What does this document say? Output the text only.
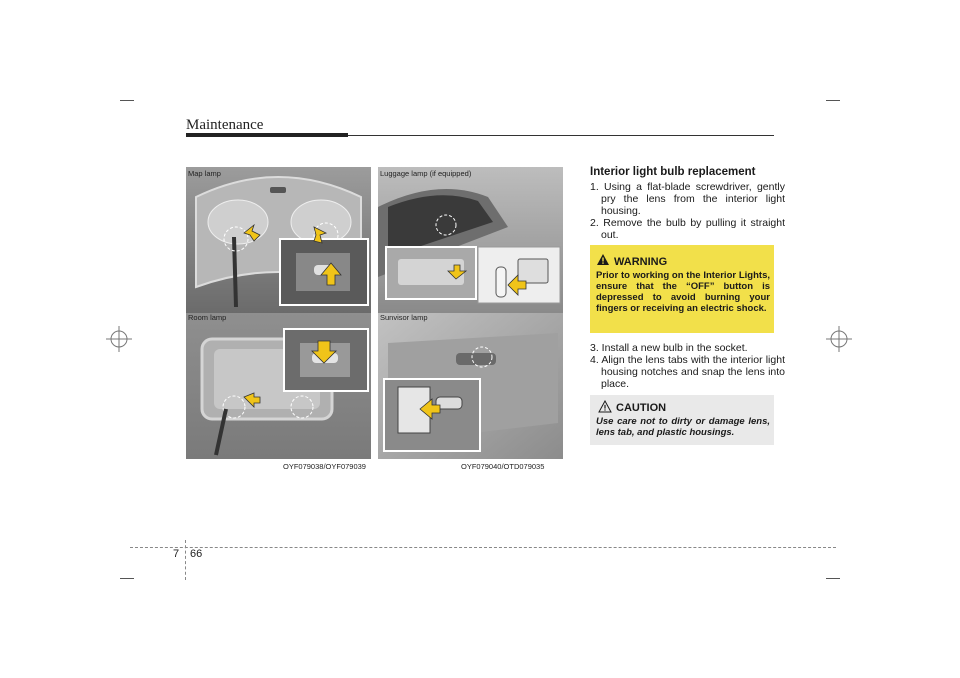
Maintenance
Map lamp
Room lamp
Luggage lamp (if equipped)
Sunvisor lamp
OYF079038/OYF079039	OYF079040/OTD079035
Interior light bulb replacement
1. Using a flat-blade screwdriver, gently pry the lens from the interior light housing.
2. Remove the bulb by pulling it straight out.
WARNING
Prior to working on the Interior Lights, ensure that the “OFF” button is depressed to avoid burning your fingers or receiving an electric shock.
3. Install a new bulb in the socket.
4. Align the lens tabs with the interior light housing notches and snap the lens into place.
CAUTION
Use care not to dirty or damage lens, lens tab, and plastic housings.
7 66
